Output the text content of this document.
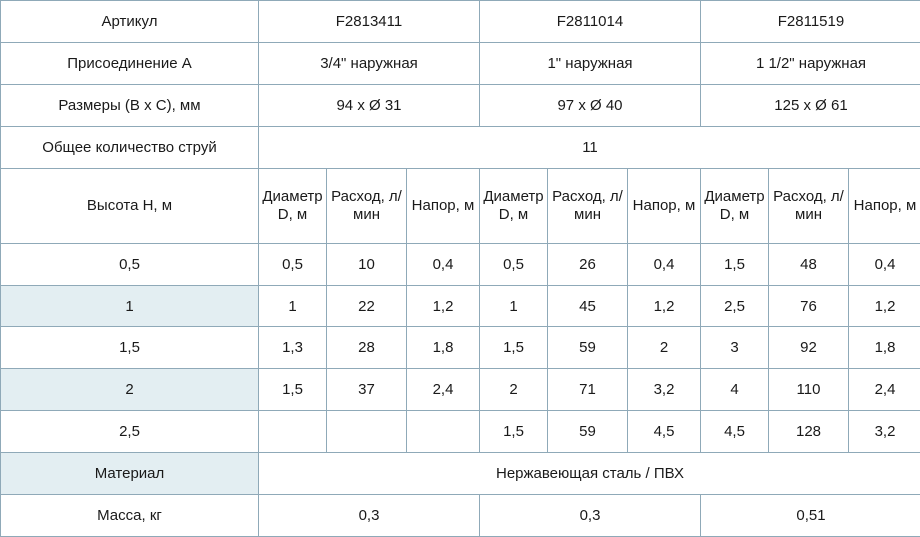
Артикул	F2813411			F2811014			F2811519		
Присоединение A	3/4" наружная			1" наружная			1 1/2" наружная		
Размеры (B x C), мм	94 x Ø 31			97 x Ø 40			125 x Ø 61		
Общее количество струй	11								
Высота H, м	Диаметр D, м	Расход, л/мин	Напор, м	Диаметр D, м	Расход, л/мин	Напор, м	Диаметр D, м	Расход, л/мин	Напор, м
0,5	0,5	10	0,4	0,5	26	0,4	1,5	48	0,4
1	1	22	1,2	1	45	1,2	2,5	76	1,2
1,5	1,3	28	1,8	1,5	59	2	3	92	1,8
2	1,5	37	2,4	2	71	3,2	4	110	2,4
2,5				1,5	59	4,5	4,5	128	3,2
Материал	Нержавеющая сталь / ПВХ								
Масса, кг	0,3			0,3			0,51		
